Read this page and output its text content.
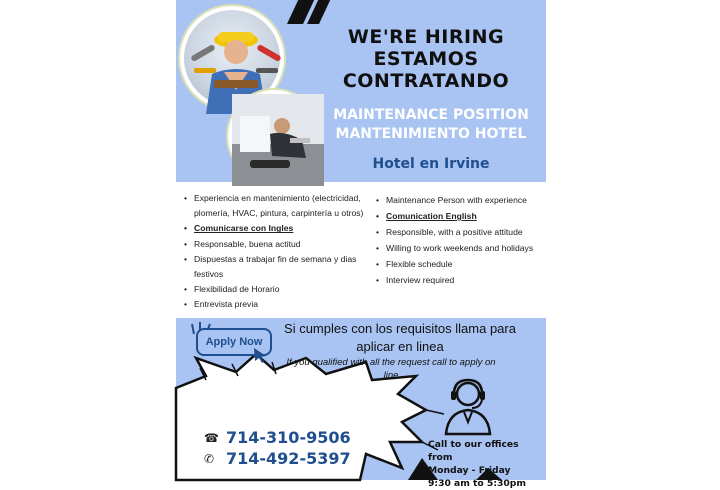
WE'RE HIRING
ESTAMOS
CONTRATANDO
MAINTENANCE POSITION
MANTENIMIENTO HOTEL
Hotel en Irvine
• Experiencia en mantenimiento (electricidad, plomería, HVAC, pintura, carpintería u otros)
• Comunicarse con Ingles
• Responsable, buena actitud
• Dispuestas a trabajar fin de semana y dias festivos
• Flexibilidad de Horario
• Entrevista previa
• Maintenance Person with experience
• Comunication English
• Responsible, with a positive attitude
• Willing to work weekends and holidays
• Flexible schedule
• Interview required
Apply Now
Si cumples con los requisitos llama para aplicar en linea
If you qualified with all the request call to apply on line
☎ 714-310-9506
✆ 714-492-5397
Call to our offices from
Monday - Friday
9:30 am to 5:30pm
